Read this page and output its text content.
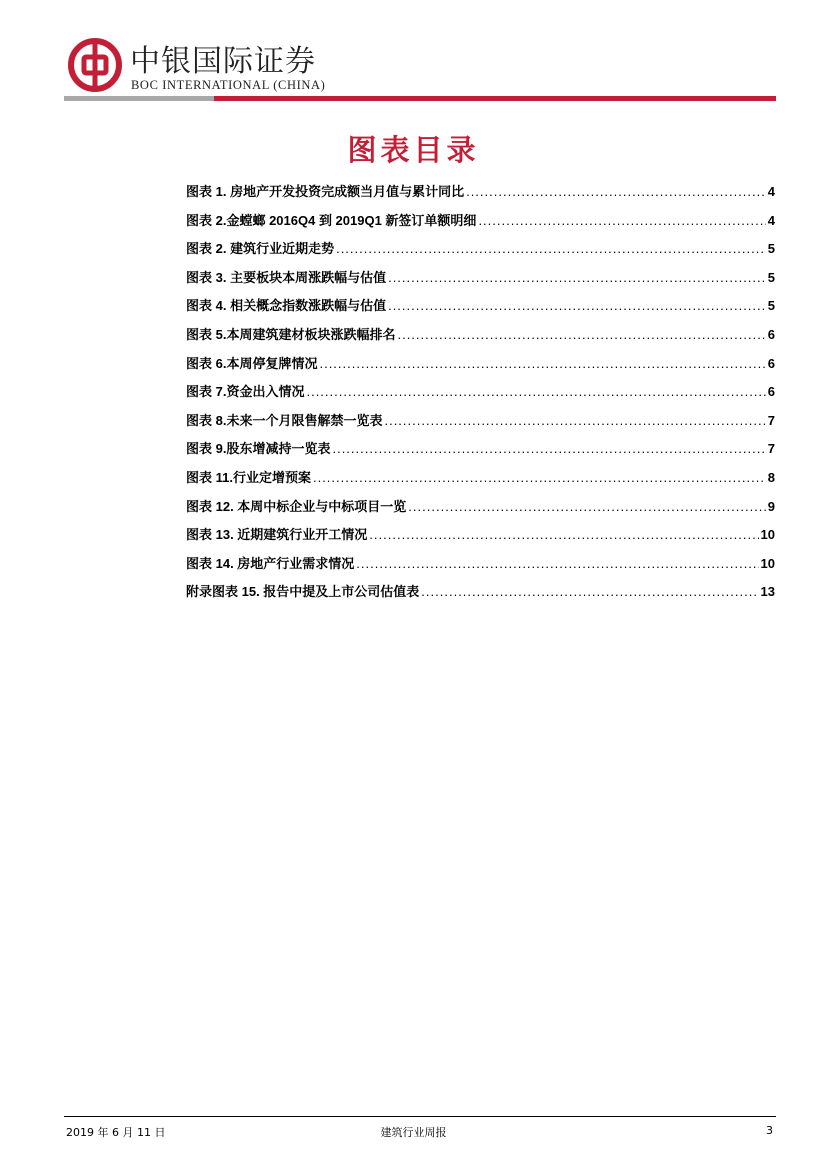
中银国际证券
BOC INTERNATIONAL (CHINA)
图表目录
图表 1. 房地产开发投资完成额当月值与累计同比 .....	4
图表 2.金螳螂 2016Q4 到 2019Q1 新签订单额明细 .....	4
图表 2. 建筑行业近期走势 .....	5
图表 3. 主要板块本周涨跌幅与估值 .....	5
图表 4. 相关概念指数涨跌幅与估值 .....	5
图表 5.本周建筑建材板块涨跌幅排名 .....	6
图表 6.本周停复牌情况 .....	6
图表 7.资金出入情况 .....	6
图表 8.未来一个月限售解禁一览表 .....	7
图表 9.股东增减持一览表 .....	7
图表 11.行业定增预案 .....	8
图表 12. 本周中标企业与中标项目一览 .....	9
图表 13. 近期建筑行业开工情况 .....	10
图表 14. 房地产行业需求情况 .....	10
附录图表 15. 报告中提及上市公司估值表 .....	13
2019 年 6 月 11 日	建筑行业周报	3
